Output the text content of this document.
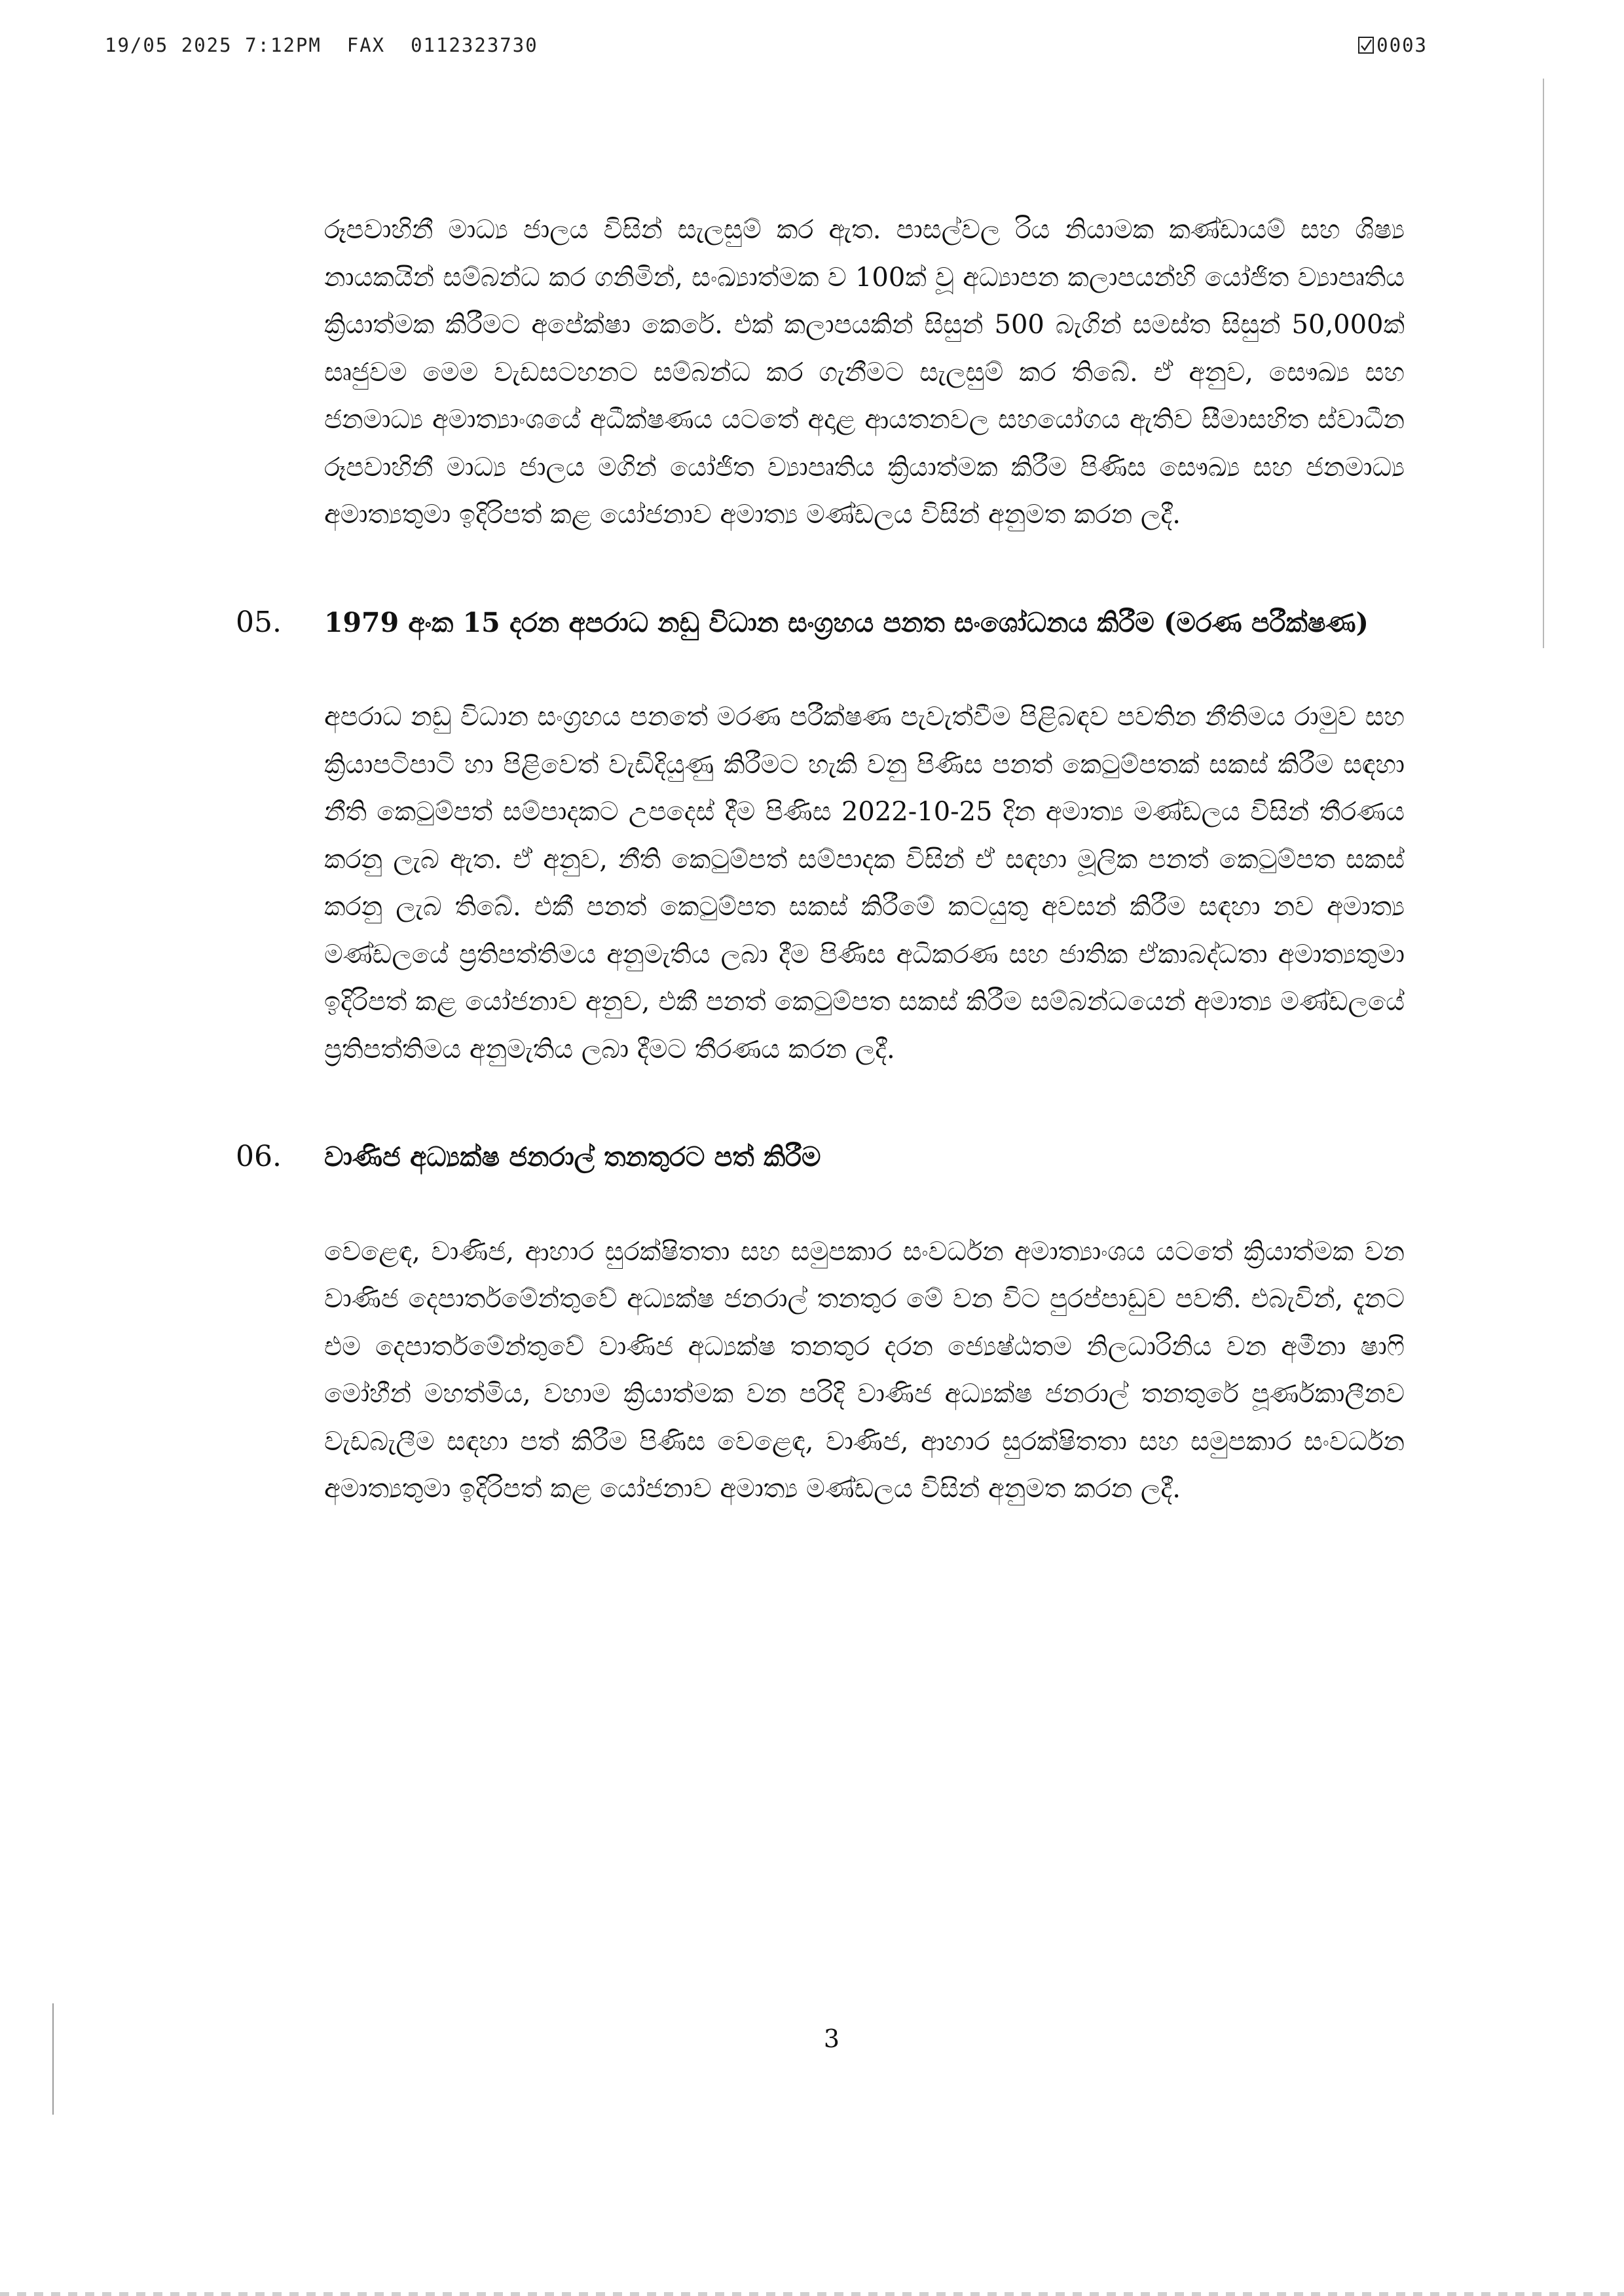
19/05 2025 7:12PM FAX 0112323730	0003

රූපවාහිනී මාධ්‍ය ජාලය විසින් සැලසුම් කර ඇත. පාසල්වල රිය නියාමක කණ්ඩායම් සහ ශිෂ්‍ය නායකයින් සම්බන්ධ කර ගනිමින්, සංඛ්‍යාත්මක ව 100ක් වූ අධ්‍යාපන කලාපයන්හි යෝජිත ව්‍යාපෘතිය ක්‍රියාත්මක කිරීමට අපේක්ෂා කෙරේ. එක් කලාපයකින් සිසුන් 500 බැගින් සමස්ත සිසුන් 50,000ක් සෘජුවම මෙම වැඩසටහනට සම්බන්ධ කර ගැනීමට සැලසුම් කර තිබේ. ඒ අනුව, සෞඛ්‍ය සහ ජනමාධ්‍ය අමාත්‍යාංශයේ අධීක්ෂණය යටතේ අදාළ ආයතනවල සහයෝගය ඇතිව සීමාසහිත ස්වාධීන රූපවාහිනී මාධ්‍ය ජාලය මගින් යෝජිත ව්‍යාපෘතිය ක්‍රියාත්මක කිරීම පිණිස සෞඛ්‍ය සහ ජනමාධ්‍ය අමාත්‍යතුමා ඉදිරිපත් කළ යෝජනාව අමාත්‍ය මණ්ඩලය විසින් අනුමත කරන ලදී.

05. 1979 අංක 15 දරන අපරාධ නඩු විධාන සංග්‍රහය පනත සංශෝධනය කිරීම (මරණ පරීක්ෂණ)

අපරාධ නඩු විධාන සංග්‍රහය පනතේ මරණ පරීක්ෂණ පැවැත්වීම පිළිබඳව පවතින නීතිමය රාමුව සහ ක්‍රියාපටිපාටි හා පිළිවෙත් වැඩිදියුණු කිරීමට හැකි වනු පිණිස පනත් කෙටුම්පතක් සකස් කිරීම සඳහා නීති කෙටුම්පත් සම්පාදකට උපදෙස් දීම පිණිස 2022-10-25 දින අමාත්‍ය මණ්ඩලය විසින් තීරණය කරනු ලැබ ඇත. ඒ අනුව, නීති කෙටුම්පත් සම්පාදක විසින් ඒ සඳහා මූලික පනත් කෙටුම්පත සකස් කරනු ලැබ තිබේ. එකී පනත් කෙටුම්පත සකස් කිරීමේ කටයුතු අවසන් කිරීම සඳහා නව අමාත්‍ය මණ්ඩලයේ ප්‍රතිපත්තිමය අනුමැතිය ලබා දීම පිණිස අධිකරණ සහ ජාතික ඒකාබද්ධතා අමාත්‍යතුමා ඉදිරිපත් කළ යෝජනාව අනුව, එකී පනත් කෙටුම්පත සකස් කිරීම සම්බන්ධයෙන් අමාත්‍ය මණ්ඩලයේ ප්‍රතිපත්තිමය අනුමැතිය ලබා දීමට තීරණය කරන ලදී.

06. වාණිජ අධ්‍යක්ෂ ජනරාල් තනතුරට පත් කිරීම

වෙළෙඳ, වාණිජ, ආහාර සුරක්ෂිතතා සහ සමුපකාර සංවර්ධන අමාත්‍යාංශය යටතේ ක්‍රියාත්මක වන වාණිජ දෙපාර්තමේන්තුවේ අධ්‍යක්ෂ ජනරාල් තනතුර මේ වන විට පුරප්පාඩුව පවතී. එබැවින්, දැනට එම දෙපාර්තමේන්තුවේ වාණිජ අධ්‍යක්ෂ තනතුර දරන ජ්‍යෙෂ්ඨතම නිලධාරිනිය වන අමීනා ෂාෆි මෝහීන් මහත්මිය, වහාම ක්‍රියාත්මක වන පරිදි වාණිජ අධ්‍යක්ෂ ජනරාල් තනතුරේ පූර්ණකාලීනව වැඩබැලීම සඳහා පත් කිරීම පිණිස වෙළෙඳ, වාණිජ, ආහාර සුරක්ෂිතතා සහ සමුපකාර සංවර්ධන අමාත්‍යතුමා ඉදිරිපත් කළ යෝජනාව අමාත්‍ය මණ්ඩලය විසින් අනුමත කරන ලදී.

3
